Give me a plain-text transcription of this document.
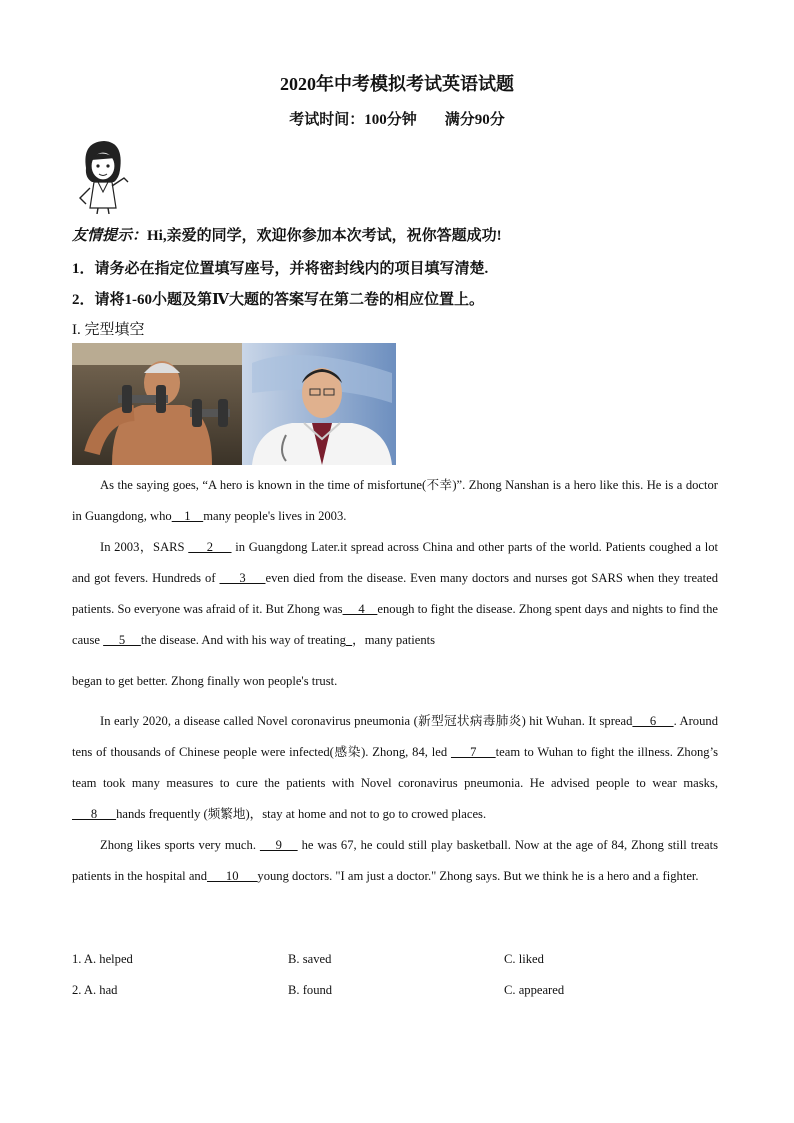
2020年中考模拟考试英语试题
考试时间：100分钟 满分90分
友情提示：Hi,亲爱的同学，欢迎你参加本次考试，祝你答题成功!
1．请务必在指定位置填写座号，并将密封线内的项目填写清楚.
2．请将1-60小题及第Ⅳ大题的答案写在第二卷的相应位置上。
I. 完型填空

As the saying goes, “A hero is known in the time of misfortune(不幸)”. Zhong Nanshan is a hero like this. He is a doctor in Guangdong, who    1    many people's lives in 2003.

In 2003，SARS      2      in Guangdong Later.it spread across China and other parts of the world. Patients coughed a lot and got fevers. Hundreds of      3     even died from the disease. Even many doctors and nurses got SARS when they treated patients. So everyone was afraid of it. But Zhong was     4    enough to fight the disease. Zhong spent days and nights to find the cause      5     the disease. And with his way of treating ，many patients

began to get better. Zhong finally won people's trust.

In early 2020, a disease called Novel coronavirus pneumonia (新型冠状病毒肺炎) hit Wuhan. It spread     6     . Around tens of thousands of Chinese people were infected(感染). Zhong, 84, led      7     team to Wuhan to fight the illness. Zhong’s team took many measures to cure the patients with Novel coronavirus pneumonia. He advised people to wear masks,       8      hands frequently (频繁地)，stay at home and not to go to crowed places.

Zhong likes sports very much.     9     he was 67, he could still play basketball. Now at the age of 84, Zhong still treats patients in the hospital and      10      young doctors. "I am just a doctor." Zhong says. But we think he is a hero and a fighter.

1. A. helped	B. saved	C. liked
2. A. had	B. found	C. appeared
